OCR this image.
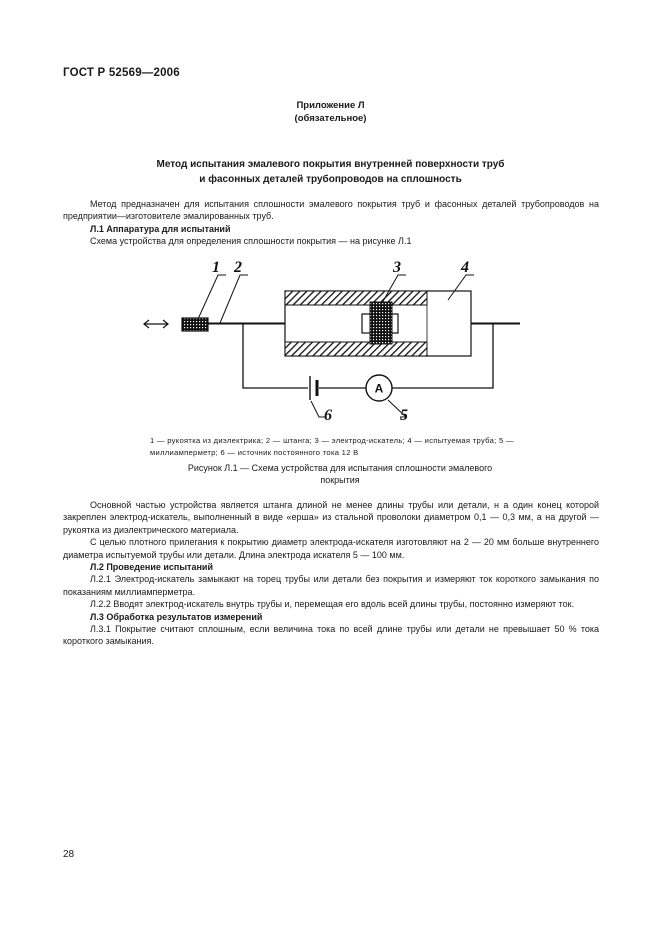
ГОСТ Р 52569—2006
Приложение Л
(обязательное)
Метод испытания эмалевого покрытия внутренней поверхности труб
и фасонных деталей трубопроводов на сплошность

Метод предназначен для испытания сплошности эмалевого покрытия труб и фасонных деталей трубопроводов на предприятии—изготовителе эмалированных труб.

Л.1 Аппаратура для испытаний

Схема устройства для определения сплошности покрытия — на рисунке Л.1

A
1 2	3	4
5
6
1 — рукоятка из диэлектрика; 2 — штанга; 3 — электрод-искатель; 4 — испытуемая труба; 5 — миллиамперметр; 6 — источник постоянного тока 12 В
Рисунок Л.1 — Схема устройства для испытания сплошности эмалевого
покрытия

Основной частью устройства является штанга длиной не менее длины трубы или детали, н а один конец которой закреплен электрод-искатель, выполненный в виде «ерша» из стальной проволоки диаметром 0,1 — 0,3 мм, а на другой — рукоятка из диэлектрического материала.

С целью плотного прилегания к покрытию диаметр электрода-искателя изготовляют на 2 — 20 мм больше внутреннего диаметра испытуемой трубы или детали. Длина электрода искателя 5 — 100 мм.

Л.2 Проведение испытаний

Л.2.1 Электрод-искатель замыкают на торец трубы или детали без покрытия и измеряют ток короткого замыкания по показаниям миллиамперметра.

Л.2.2 Вводят электрод-искатель внутрь трубы и, перемещая его вдоль всей длины трубы, постоянно измеряют ток.

Л.3 Обработка результатов измерений

Л.3.1 Покрытие считают сплошным, если величина тока по всей длине трубы или детали не превышает 50 % тока короткого замыкания.

28
